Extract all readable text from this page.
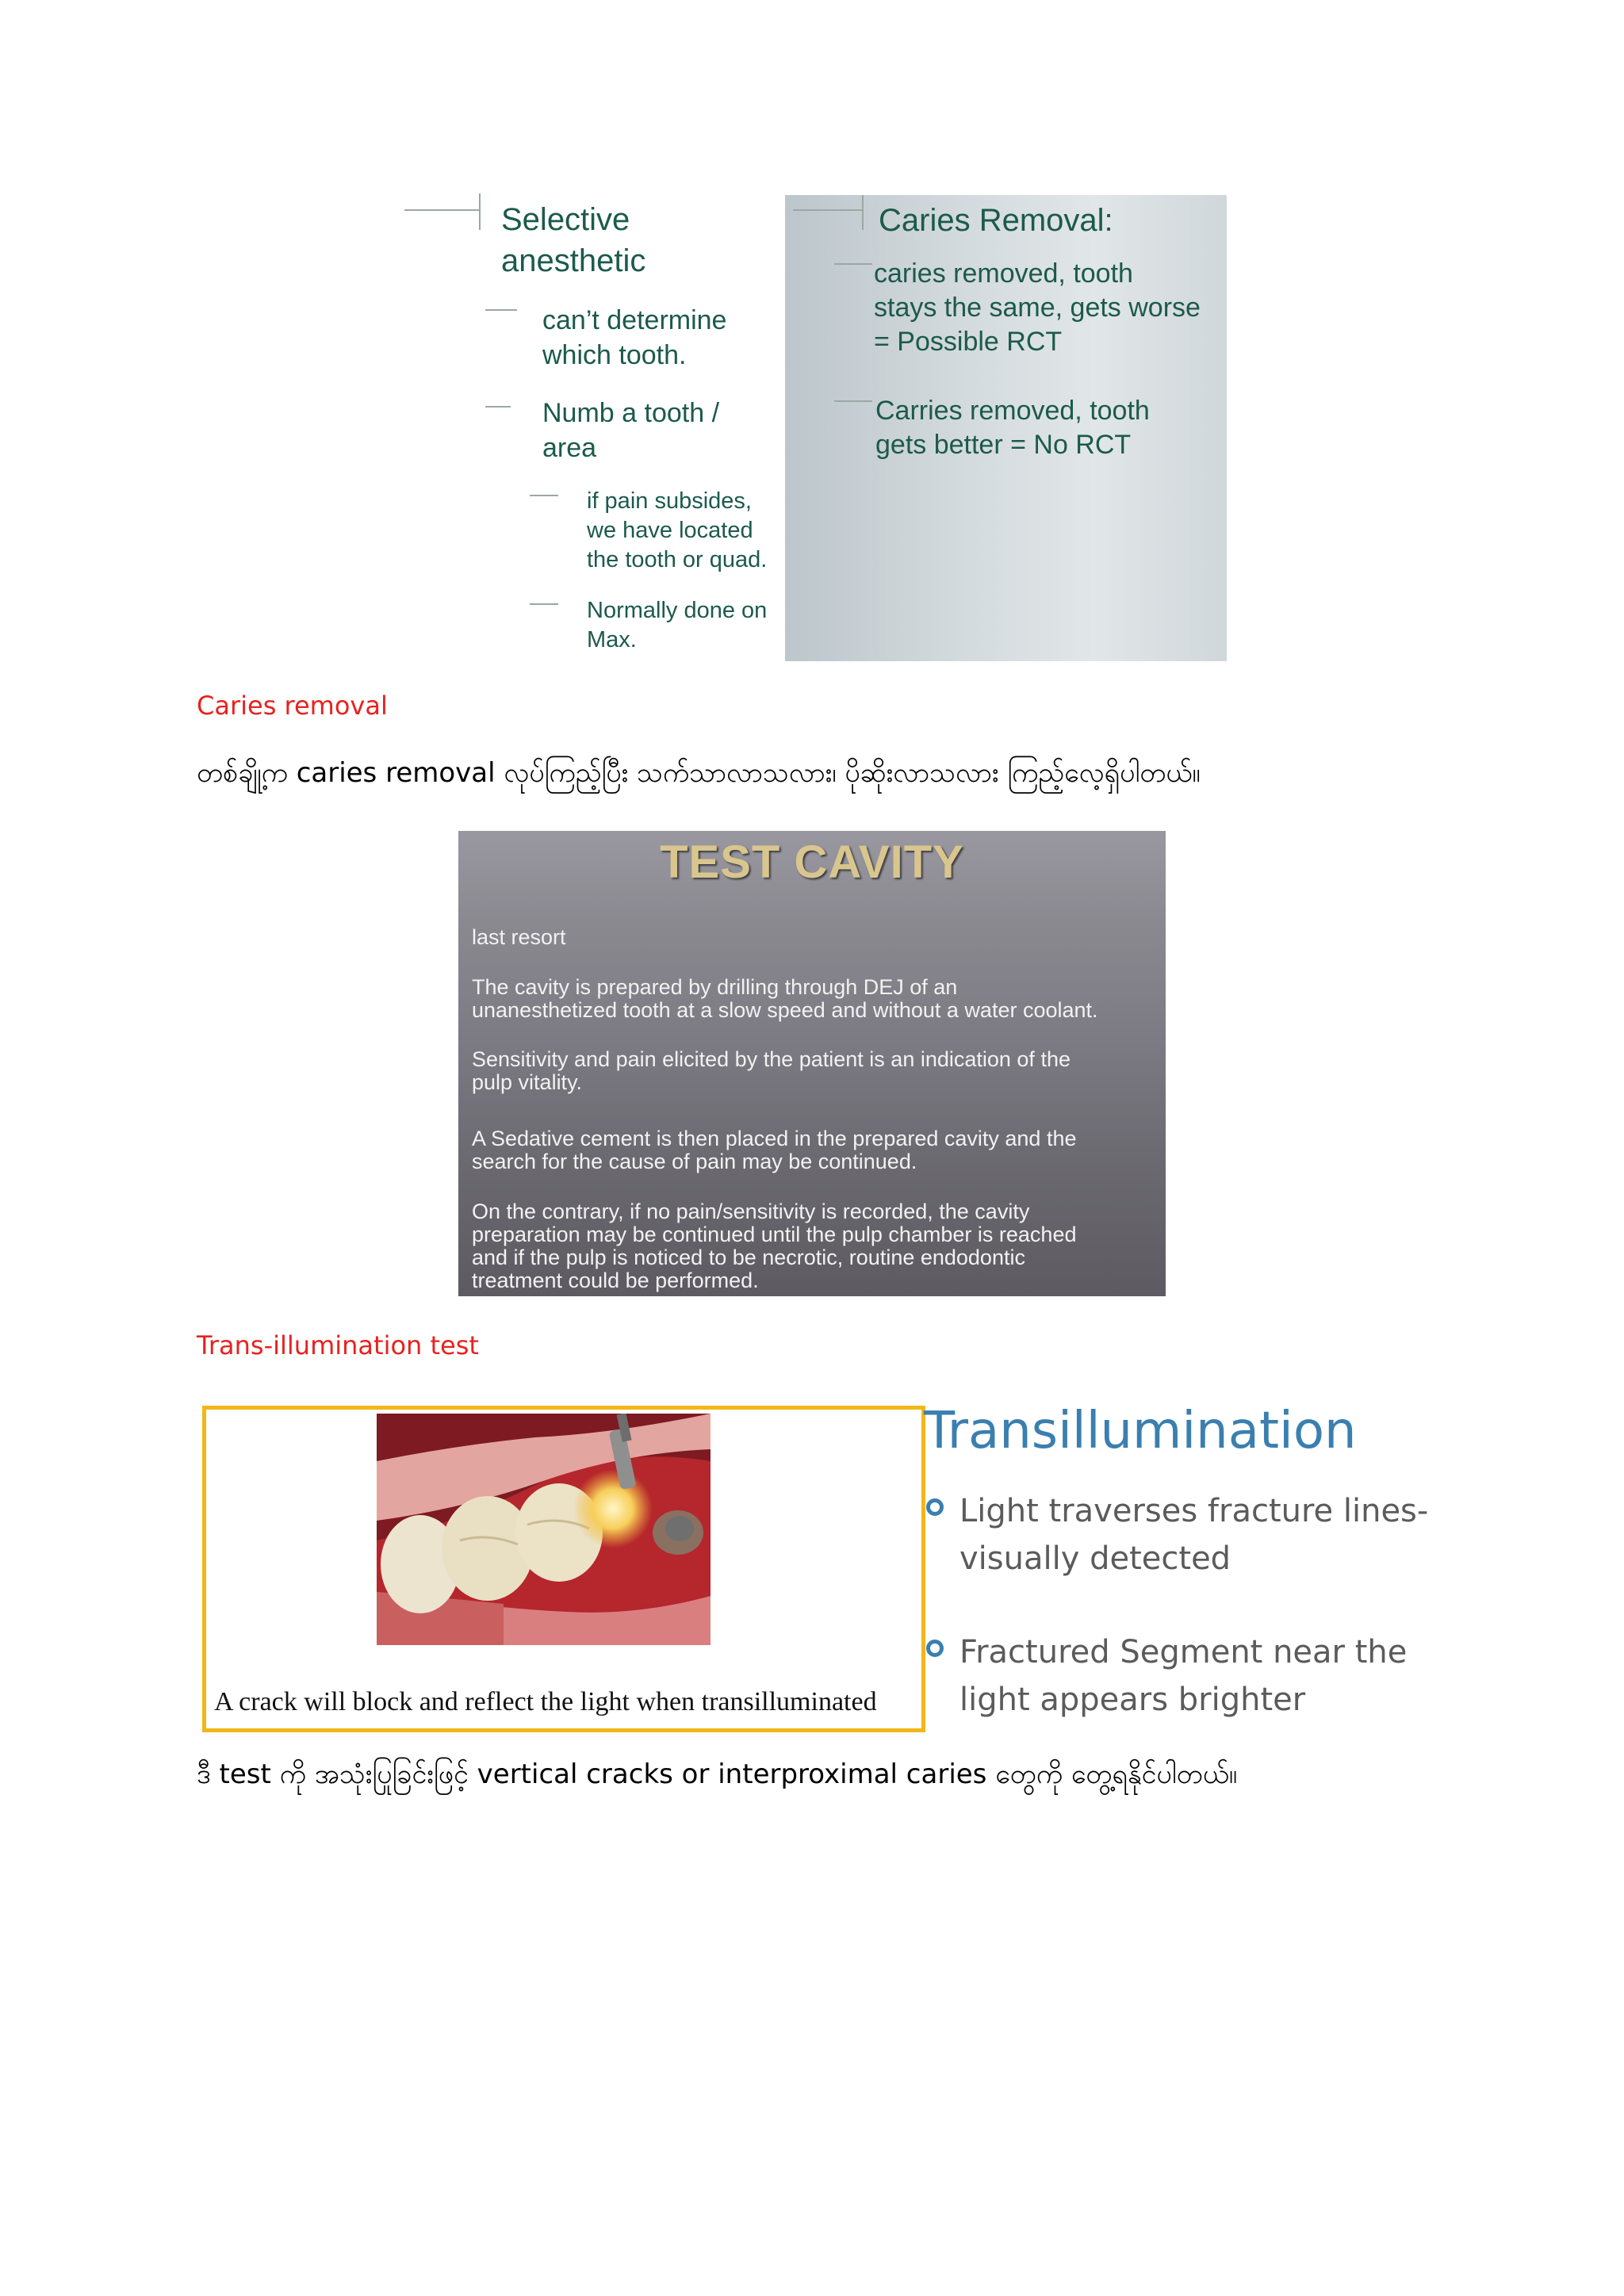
Selective
anesthetic
can’t determine
which tooth.
Numb a tooth /
area
if pain subsides,
we have located
the tooth or quad.
Normally done on
Max.
Caries Removal:
caries removed, tooth
stays the same, gets worse
= Possible RCT
Carries removed, tooth
gets better = No RCT
Caries removal
တစ်ချို့က caries removal လုပ်ကြည့်ပြီး သက်သာလာသလား၊ ပိုဆိုးလာသလား ကြည့်လေ့ရှိပါတယ်။
TEST CAVITY
last resort
The cavity is prepared by drilling through DEJ of an
unanesthetized tooth at a slow speed and without a water coolant.
Sensitivity and pain elicited by the patient is an indication of the
pulp vitality.
A Sedative cement is then placed in the prepared cavity and the
search for the cause of pain may be continued.
On the contrary, if no pain/sensitivity is recorded, the cavity
preparation may be continued until the pulp chamber is reached
and if the pulp is noticed to be necrotic, routine endodontic
treatment could be performed.
Trans-illumination test
A crack will block and reflect the light when transilluminated
Transillumination
Light traverses fracture lines-
visually detected
Fractured Segment near the
light appears brighter
ဒီ test ကို အသုံးပြုခြင်းဖြင့် vertical cracks or interproximal caries တွေကို တွေ့ရနိုင်ပါတယ်။
